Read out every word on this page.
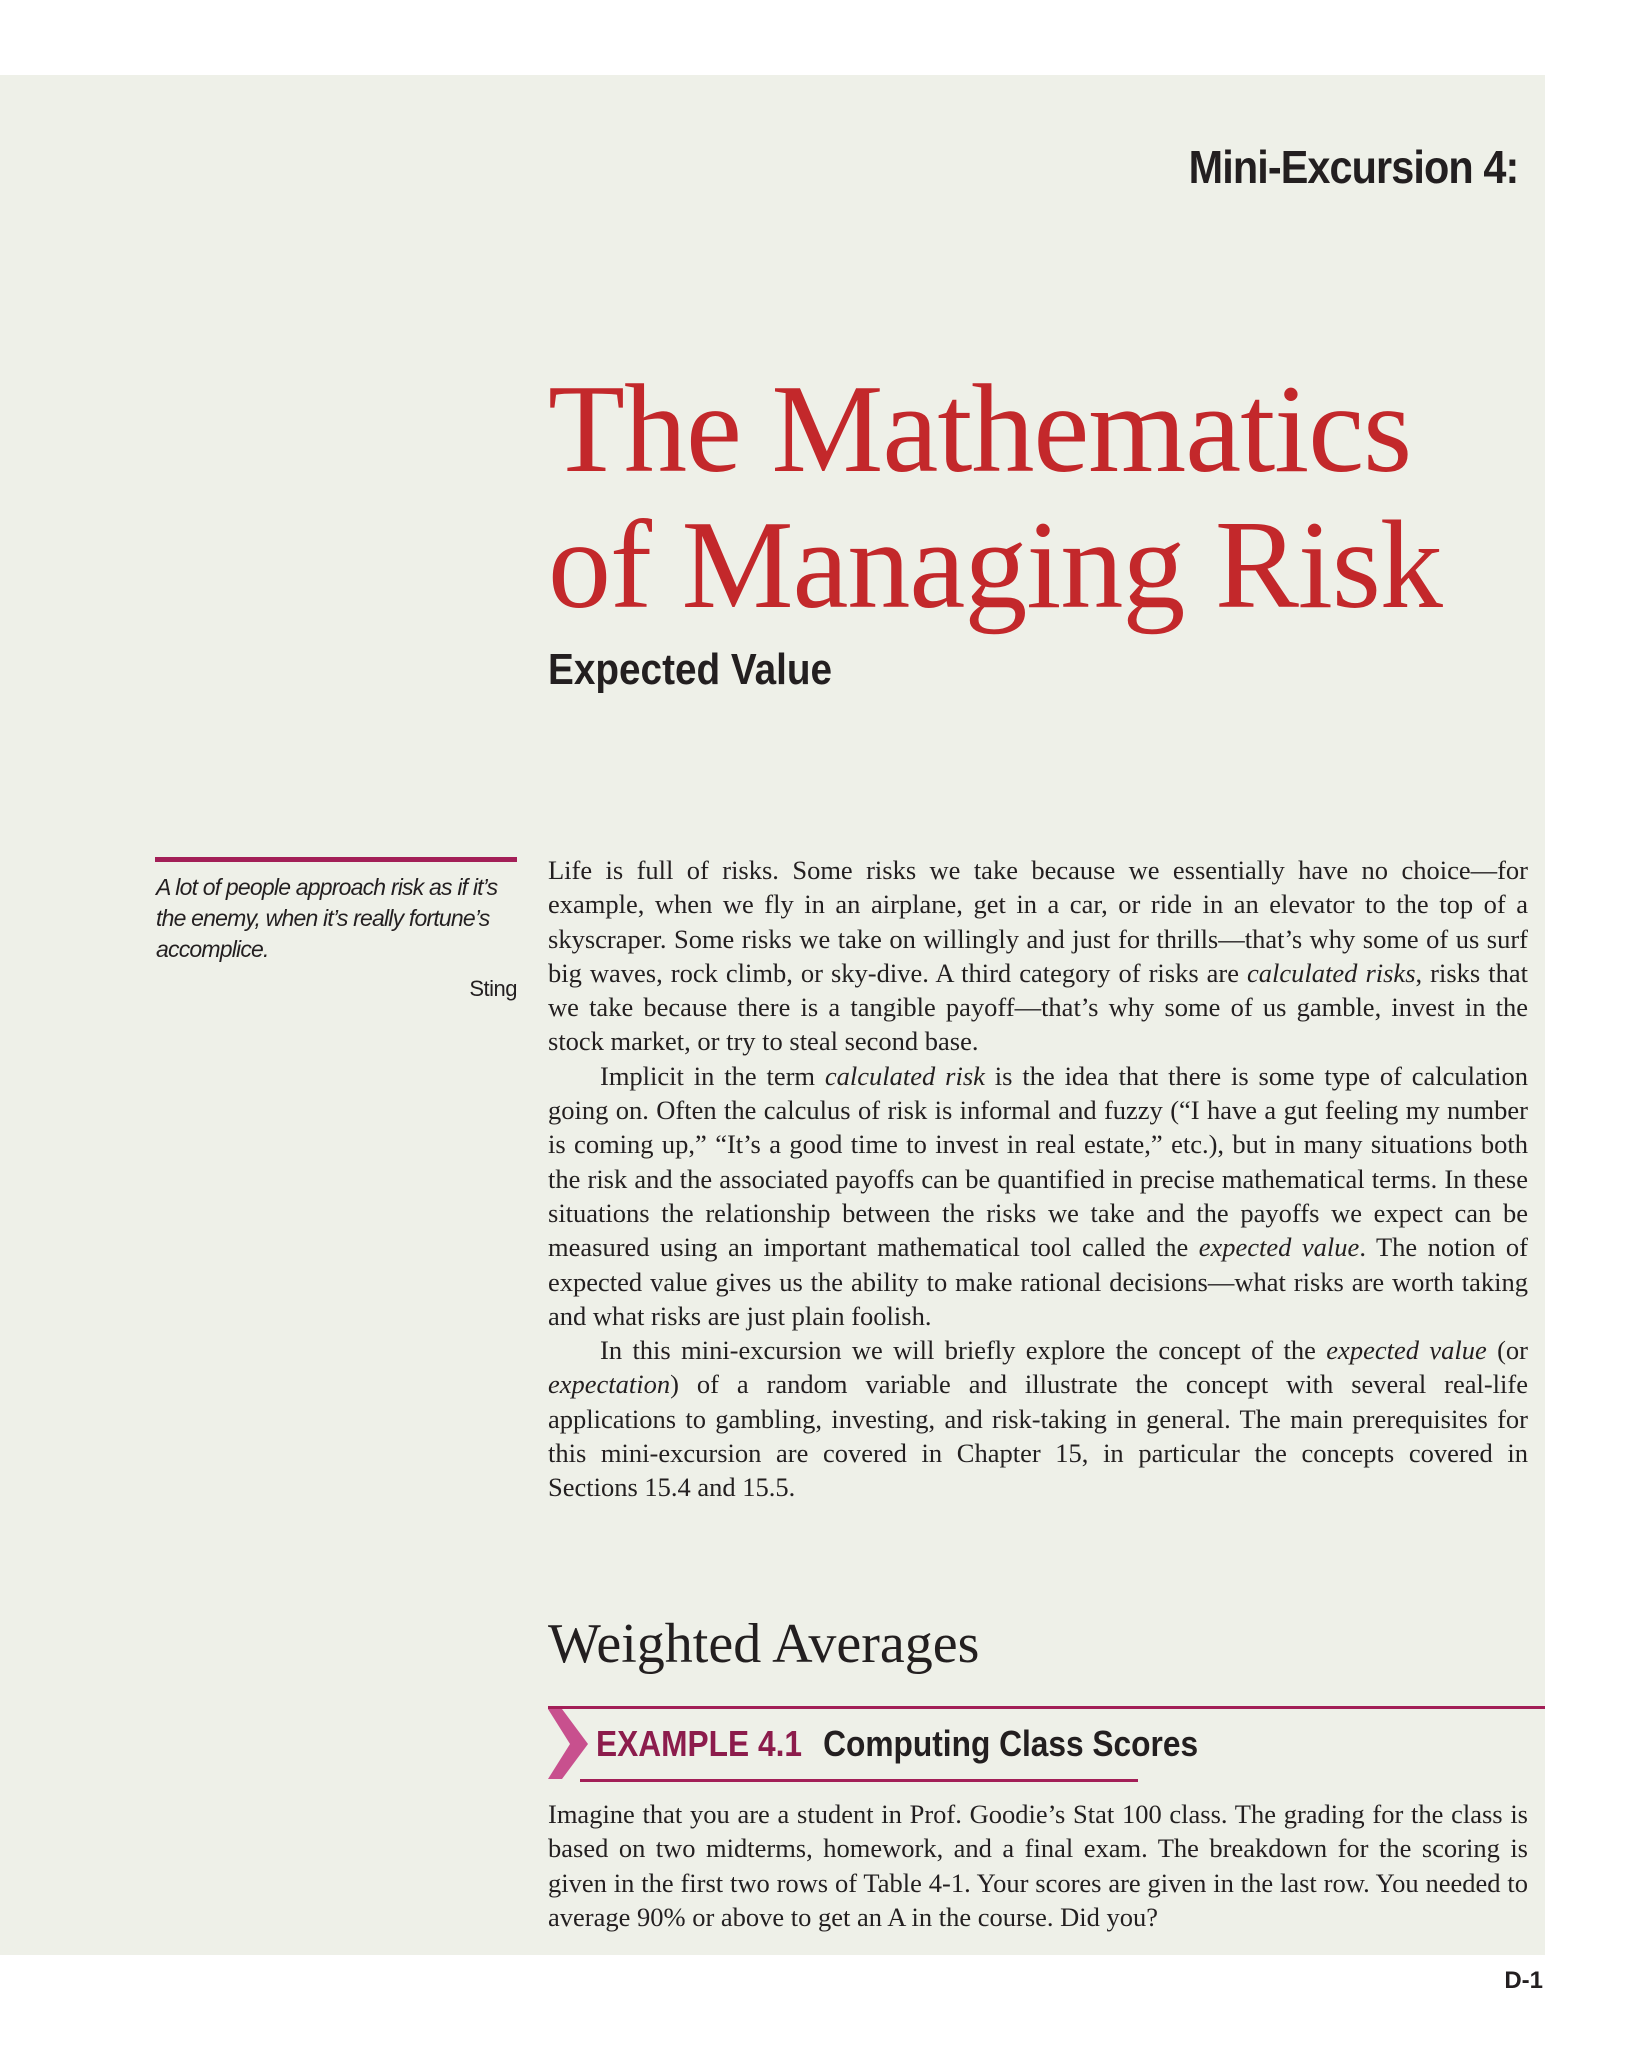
Mini-Excursion 4:
The Mathematics
of Managing Risk
Expected Value
A lot of people approach risk as if it’s the enemy, when it’s really fortune’s accomplice.
Sting

Life is full of risks. Some risks we take because we essentially have no choice—for example, when we fly in an airplane, get in a car, or ride in an elevator to the top of a skyscraper. Some risks we take on willingly and just for thrills—that’s why some of us surf big waves, rock climb, or sky-dive. A third category of risks are calculated risks, risks that we take because there is a tangible payoff—that’s why some of us gamble, invest in the stock market, or try to steal second base.

Implicit in the term calculated risk is the idea that there is some type of calculation going on. Often the calculus of risk is informal and fuzzy (“I have a gut feeling my number is coming up,” “It’s a good time to invest in real estate,” etc.), but in many situations both the risk and the associated payoffs can be quantified in precise mathematical terms. In these situations the relationship between the risks we take and the payoffs we expect can be measured using an important mathematical tool called the expected value. The notion of expected value gives us the ability to make rational decisions—what risks are worth taking and what risks are just plain foolish.

In this mini-excursion we will briefly explore the concept of the expected value (or expectation) of a random variable and illustrate the concept with several real-life applications to gambling, investing, and risk-taking in general. The main prerequisites for this mini-excursion are covered in Chapter 15, in particular the concepts covered in Sections 15.4 and 15.5.

Weighted Averages
EXAMPLE 4.1 Computing Class Scores
Imagine that you are a student in Prof. Goodie’s Stat 100 class. The grading for the class is based on two midterms, homework, and a final exam. The breakdown for the scoring is given in the first two rows of Table 4-1. Your scores are given in the last row. You needed to average 90% or above to get an A in the course. Did you?
D-1
